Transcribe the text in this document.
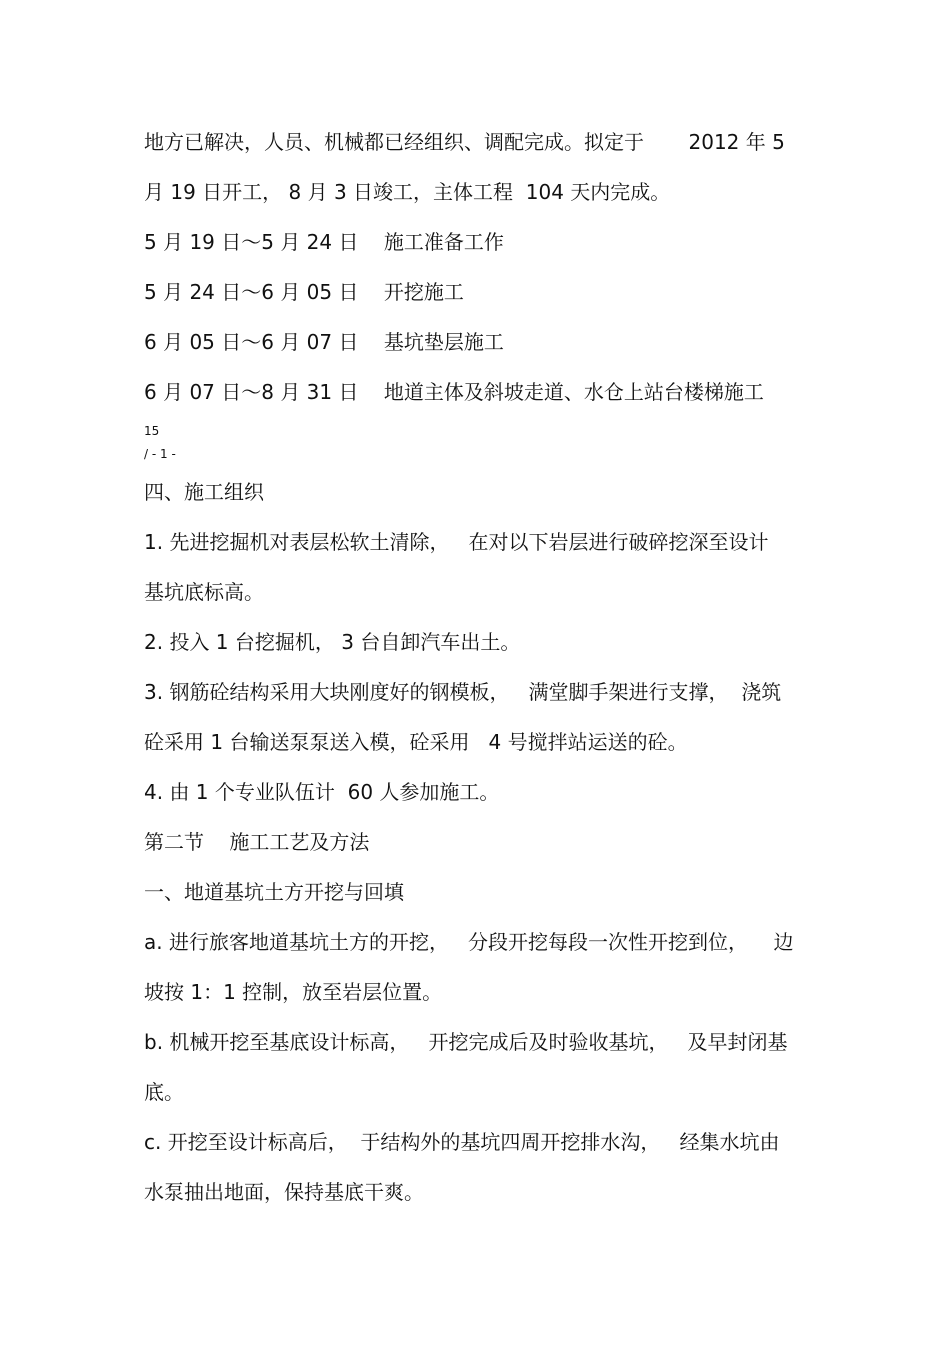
地方已解决，人员、机械都已经组织、调配完成。拟定于       2012 年 5
月 19 日开工， 8 月 3 日竣工，主体工程  104 天内完成。
5 月 19 日～5 月 24 日    施工准备工作
5 月 24 日～6 月 05 日    开挖施工
6 月 05 日～6 月 07 日    基坑垫层施工
6 月 07 日～8 月 31 日    地道主体及斜坡走道、水仓上站台楼梯施工
15
/ - 1 -
四、施工组织
1. 先进挖掘机对表层松软土清除，   在对以下岩层进行破碎挖深至设计
基坑底标高。
2. 投入 1 台挖掘机， 3 台自卸汽车出土。
3. 钢筋砼结构采用大块刚度好的钢模板，   满堂脚手架进行支撑，  浇筑
砼采用 1 台输送泵泵送入模，砼采用   4 号搅拌站运送的砼。
4. 由 1 个专业队伍计  60 人参加施工。
第二节    施工工艺及方法
一、地道基坑土方开挖与回填
a. 进行旅客地道基坑土方的开挖，   分段开挖每段一次性开挖到位，    边
坡按 1：1 控制，放至岩层位置。
b. 机械开挖至基底设计标高，   开挖完成后及时验收基坑，   及早封闭基
底。
c. 开挖至设计标高后，  于结构外的基坑四周开挖排水沟，   经集水坑由
水泵抽出地面，保持基底干爽。
